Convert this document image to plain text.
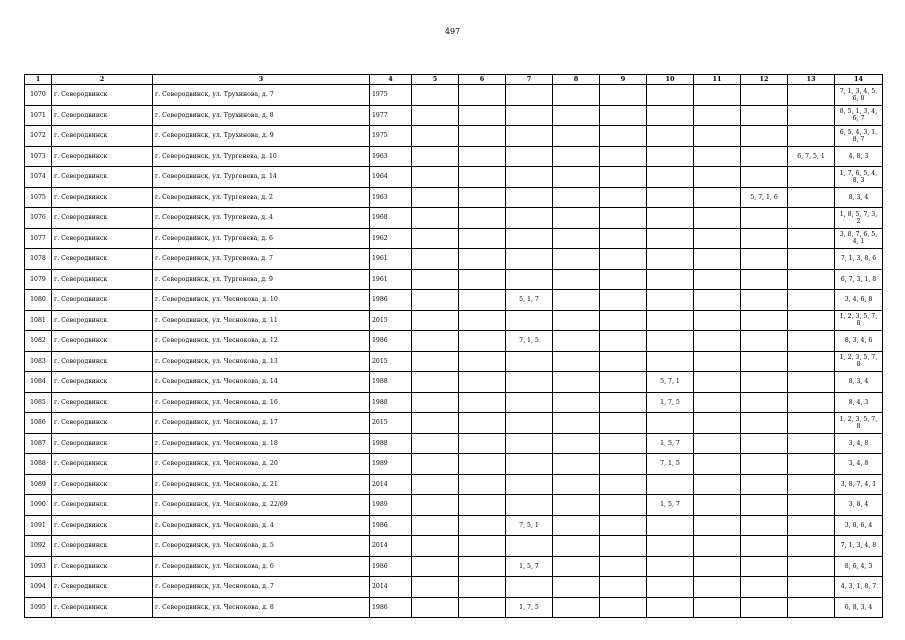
497
1	2	3	4	5	6	7	8	9	10	11	12	13	14
1070	г. Северодвинск	г. Северодвинск, ул. Трухинова, д. 7	1975										7, 1, 3, 4, 5, 6, 8
1071	г. Северодвинск	г. Северодвинск, ул. Трухинова, д. 8	1977										8, 5, 1, 3, 4, 6, 7
1072	г. Северодвинск	г. Северодвинск, ул. Трухинова, д. 9	1975										6, 5, 4, 3, 1, 8, 7
1073	г. Северодвинск	г. Северодвинск, ул. Тургенева, д. 10	1963									6, 7, 5, 1	4, 8, 3
1074	г. Северодвинск	г. Северодвинск, ул. Тургенева, д. 14	1964										1, 7, 6, 5, 4, 8, 3
1075	г. Северодвинск	г. Северодвинск, ул. Тургенева, д. 2	1963								5, 7, 1, 6		8, 3, 4
1076	г. Северодвинск	г. Северодвинск, ул. Тургенева, д. 4	1968										1, 8, 5, 7, 3, 2
1077	г. Северодвинск	г. Северодвинск, ул. Тургенева, д. 6	1962										3, 8, 7, 6, 5, 4, 1
1078	г. Северодвинск	г. Северодвинск, ул. Тургенева, д. 7	1961										7, 1, 3, 8, 6
1079	г. Северодвинск	г. Северодвинск, ул. Тургенева, д. 9	1961										6, 7, 3, 1, 8
1080	г. Северодвинск	г. Северодвинск, ул. Чеснокова, д. 10	1986			5, 1, 7							3, 4, 6, 8
1081	г. Северодвинск	г. Северодвинск, ул. Чеснокова, д. 11	2015										1, 2, 3, 5, 7, 8
1082	г. Северодвинск	г. Северодвинск, ул. Чеснокова, д. 12	1986			7, 1, 5							8, 3, 4, 6
1083	г. Северодвинск	г. Северодвинск, ул. Чеснокова, д. 13	2015										1, 2, 3, 5, 7, 8
1084	г. Северодвинск	г. Северодвинск, ул. Чеснокова, д. 14	1988						5, 7, 1				8, 3, 4
1085	г. Северодвинск	г. Северодвинск, ул. Чеснокова, д. 16	1988						1, 7, 5				8, 4, 3
1086	г. Северодвинск	г. Северодвинск, ул. Чеснокова, д. 17	2015										1, 2, 3, 5, 7, 8
1087	г. Северодвинск	г. Северодвинск, ул. Чеснокова, д. 18	1988						1, 5, 7				3, 4, 8
1088	г. Северодвинск	г. Северодвинск, ул. Чеснокова, д. 20	1989						7, 1, 5				3, 4, 8
1089	г. Северодвинск	г. Северодвинск, ул. Чеснокова, д. 21	2014										3, 8, 7, 4, 1
1090	г. Северодвинск	г. Северодвинск, ул. Чеснокова, д. 22/69	1989						1, 5, 7				3, 8, 4
1091	г. Северодвинск	г. Северодвинск, ул. Чеснокова, д. 4	1986			7, 5, 1							3, 8, 6, 4
1092	г. Северодвинск	г. Северодвинск, ул. Чеснокова, д. 5	2014										7, 1, 3, 4, 8
1093	г. Северодвинск	г. Северодвинск, ул. Чеснокова, д. 6	1986			1, 5, 7							8, 6, 4, 3
1094	г. Северодвинск	г. Северодвинск, ул. Чеснокова, д. 7	2014										4, 3, 1, 8, 7
1095	г. Северодвинск	г. Северодвинск, ул. Чеснокова, д. 8	1986			1, 7, 5							6, 8, 3, 4
